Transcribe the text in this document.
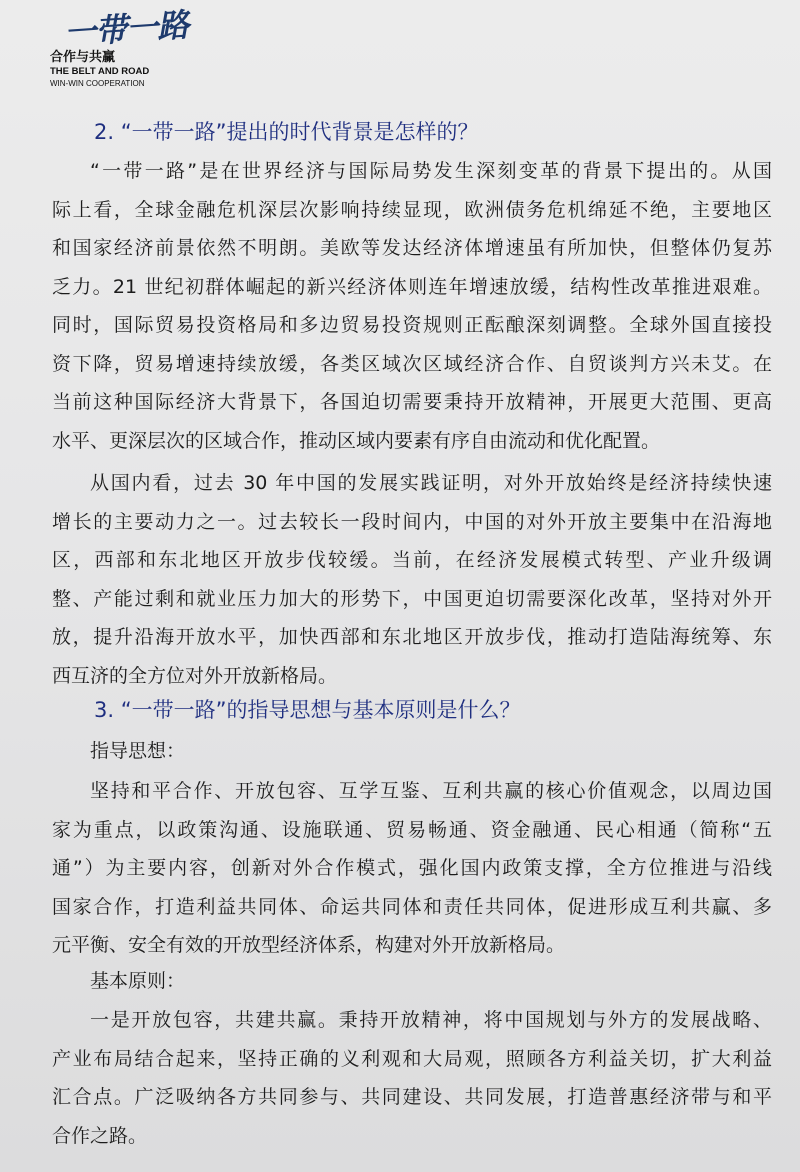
一带一路
合作与共赢
THE BELT AND ROAD
WIN-WIN COOPERATION
2. “一带一路”提出的时代背景是怎样的？
“一带一路”是在世界经济与国际局势发生深刻变革的背景下提出的。从国
际上看，全球金融危机深层次影响持续显现，欧洲债务危机绵延不绝，主要地区
和国家经济前景依然不明朗。美欧等发达经济体增速虽有所加快，但整体仍复苏
乏力。21 世纪初群体崛起的新兴经济体则连年增速放缓，结构性改革推进艰难。
同时，国际贸易投资格局和多边贸易投资规则正酝酿深刻调整。全球外国直接投
资下降，贸易增速持续放缓，各类区域次区域经济合作、自贸谈判方兴未艾。在
当前这种国际经济大背景下，各国迫切需要秉持开放精神，开展更大范围、更高
水平、更深层次的区域合作，推动区域内要素有序自由流动和优化配置。
从国内看，过去 30 年中国的发展实践证明，对外开放始终是经济持续快速
增长的主要动力之一。过去较长一段时间内，中国的对外开放主要集中在沿海地
区，西部和东北地区开放步伐较缓。当前，在经济发展模式转型、产业升级调
整、产能过剩和就业压力加大的形势下，中国更迫切需要深化改革，坚持对外开
放，提升沿海开放水平，加快西部和东北地区开放步伐，推动打造陆海统筹、东
西互济的全方位对外开放新格局。
3. “一带一路”的指导思想与基本原则是什么？
指导思想：
坚持和平合作、开放包容、互学互鉴、互利共赢的核心价值观念，以周边国
家为重点，以政策沟通、设施联通、贸易畅通、资金融通、民心相通（简称“五
通”）为主要内容，创新对外合作模式，强化国内政策支撑，全方位推进与沿线
国家合作，打造利益共同体、命运共同体和责任共同体，促进形成互利共赢、多
元平衡、安全有效的开放型经济体系，构建对外开放新格局。
基本原则：
一是开放包容，共建共赢。秉持开放精神，将中国规划与外方的发展战略、
产业布局结合起来，坚持正确的义利观和大局观，照顾各方利益关切，扩大利益
汇合点。广泛吸纳各方共同参与、共同建设、共同发展，打造普惠经济带与和平
合作之路。
